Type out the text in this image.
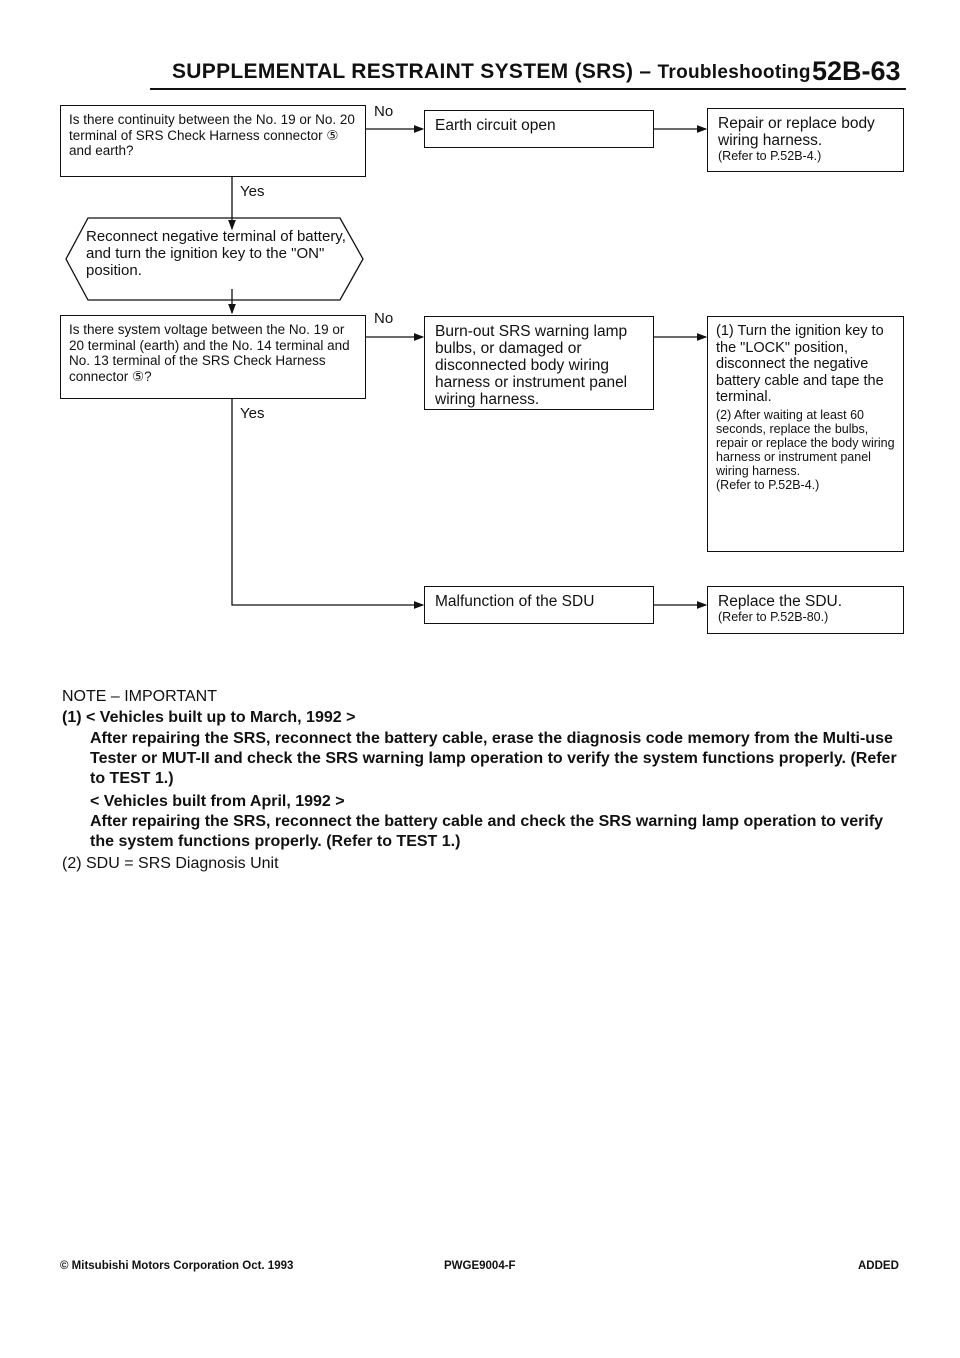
SUPPLEMENTAL RESTRAINT SYSTEM (SRS) – Troubleshooting 52B-63
Is there continuity between the No. 19 or No. 20 terminal of SRS Check Harness connector ⑤ and earth?
No
Yes
Earth circuit open	Repair or replace body wiring harness.
(Refer to P.52B-4.)
Reconnect negative terminal of battery, and turn the ignition key to the "ON" position.
Is there system voltage between the No. 19 or 20 terminal (earth) and the No. 14 terminal and No. 13 terminal of the SRS Check Harness connector ⑤?
No
Yes
Burn-out SRS warning lamp bulbs, or damaged or disconnected body wiring harness or instrument panel wiring harness.
(1) Turn the ignition key to the "LOCK" position, disconnect the negative battery cable and tape the terminal.
(2) After waiting at least 60 seconds, replace the bulbs, repair or replace the body wiring harness or instrument panel wiring harness.
(Refer to P.52B-4.)
Malfunction of the SDU	Replace the SDU.
(Refer to P.52B-80.)
NOTE – IMPORTANT
(1) < Vehicles built up to March, 1992 >
After repairing the SRS, reconnect the battery cable, erase the diagnosis code memory from the Multi-use Tester or MUT-II and check the SRS warning lamp operation to verify the system functions properly. (Refer to TEST 1.)
< Vehicles built from April, 1992 >
After repairing the SRS, reconnect the battery cable and check the SRS warning lamp operation to verify the system functions properly. (Refer to TEST 1.)
(2) SDU = SRS Diagnosis Unit
© Mitsubishi Motors Corporation Oct. 1993	PWGE9004-F	ADDED
